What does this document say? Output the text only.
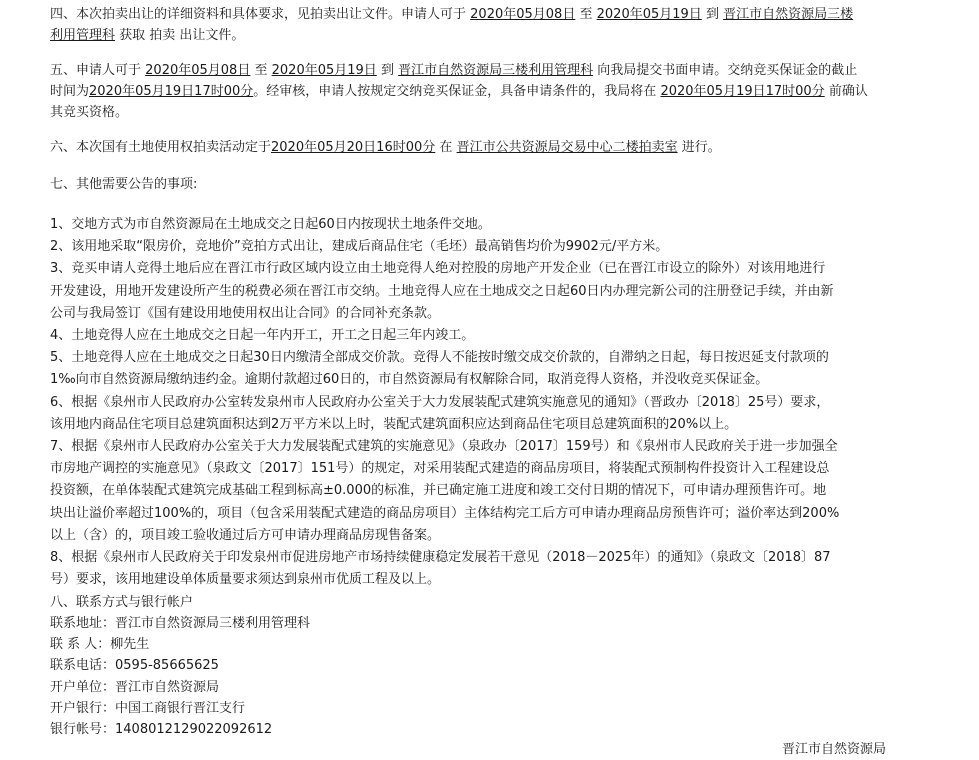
四、本次拍卖出让的详细资料和具体要求，见拍卖出让文件。申请人可于 2020年05月08日 至 2020年05月19日 到 晋江市自然资源局三楼
利用管理科 获取 拍卖 出让文件。
五、申请人可于 2020年05月08日 至 2020年05月19日 到 晋江市自然资源局三楼利用管理科 向我局提交书面申请。交纳竞买保证金的截止
时间为2020年05月19日17时00分。经审核，申请人按规定交纳竞买保证金，具备申请条件的，我局将在 2020年05月19日17时00分 前确认
其竞买资格。
六、本次国有土地使用权拍卖活动定于2020年05月20日16时00分 在 晋江市公共资源局交易中心二楼拍卖室 进行。
七、其他需要公告的事项:
1、交地方式为市自然资源局在土地成交之日起60日内按现状土地条件交地。
2、该用地采取“限房价，竞地价”竞拍方式出让，建成后商品住宅（毛坯）最高销售均价为9902元/平方米。
3、竞买申请人竞得土地后应在晋江市行政区域内设立由土地竞得人绝对控股的房地产开发企业（已在晋江市设立的除外）对该用地进行
开发建设，用地开发建设所产生的税费必须在晋江市交纳。土地竞得人应在土地成交之日起60日内办理完新公司的注册登记手续，并由新
公司与我局签订《国有建设用地使用权出让合同》的合同补充条款。
4、土地竞得人应在土地成交之日起一年内开工，开工之日起三年内竣工。
5、土地竞得人应在土地成交之日起30日内缴清全部成交价款。竞得人不能按时缴交成交价款的，自滞纳之日起，每日按迟延支付款项的
1‰向市自然资源局缴纳违约金。逾期付款超过60日的，市自然资源局有权解除合同，取消竞得人资格，并没收竞买保证金。
6、根据《泉州市人民政府办公室转发泉州市人民政府办公室关于大力发展装配式建筑实施意见的通知》（晋政办〔2018〕25号）要求，
该用地内商品住宅项目总建筑面积达到2万平方米以上时，装配式建筑面积应达到商品住宅项目总建筑面积的20%以上。
7、根据《泉州市人民政府办公室关于大力发展装配式建筑的实施意见》（泉政办〔2017〕159号）和《泉州市人民政府关于进一步加强全
市房地产调控的实施意见》（泉政文〔2017〕151号）的规定，对采用装配式建造的商品房项目，将装配式预制构件投资计入工程建设总
投资额，在单体装配式建筑完成基础工程到标高±0.000的标准，并已确定施工进度和竣工交付日期的情况下，可申请办理预售许可。地
块出让溢价率超过100%的，项目（包含采用装配式建造的商品房项目）主体结构完工后方可申请办理商品房预售许可；溢价率达到200%
以上（含）的，项目竣工验收通过后方可申请办理商品房现售备案。
8、根据《泉州市人民政府关于印发泉州市促进房地产市场持续健康稳定发展若干意见（2018－2025年）的通知》（泉政文〔2018〕87
号）要求，该用地建设单体质量要求须达到泉州市优质工程及以上。
八、联系方式与银行帐户
联系地址：晋江市自然资源局三楼利用管理科
联 系 人：柳先生
联系电话：0595-85665625
开户单位：晋江市自然资源局
开户银行：中国工商银行晋江支行
银行帐号：1408012129022092612
晋江市自然资源局
